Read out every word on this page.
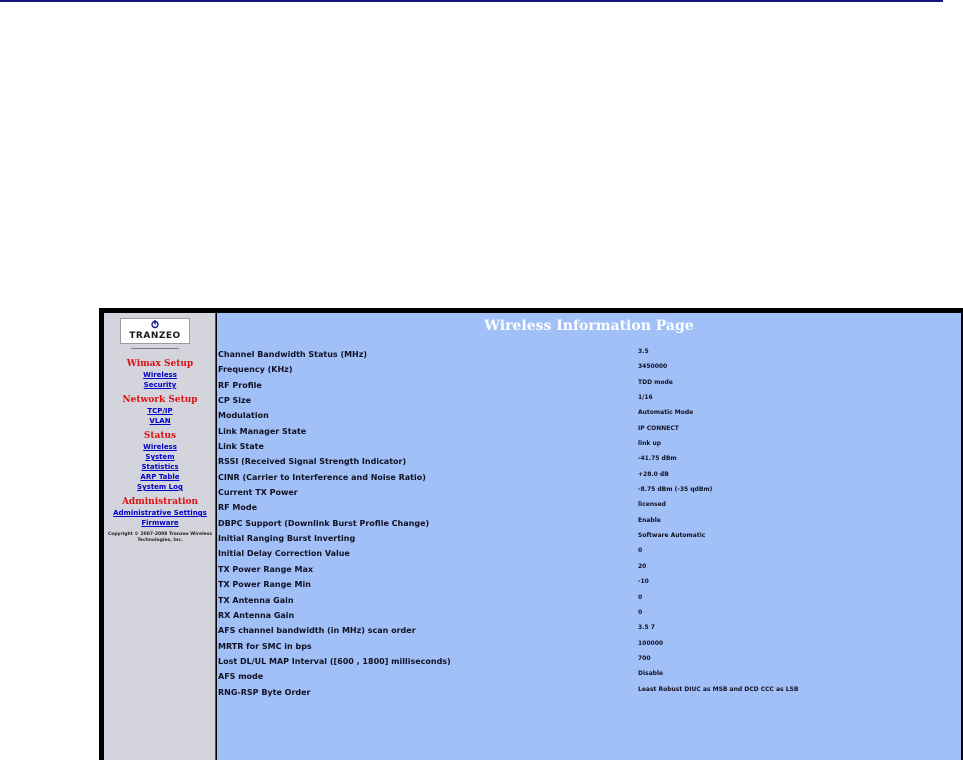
TRANZEO
Wimax Setup
Wireless
Security
Network Setup
TCP/IP
VLAN
Status
Wireless
System
Statistics
ARP Table
System Log
Administration
Administrative Settings
Firmware
Copyright © 2007-2008 Tranzeo Wireless Technologies, Inc.
Wireless Information Page
Channel Bandwidth Status (MHz)	3.5
Frequency (KHz)	3450000
RF Profile	TDD mode
CP Size	1/16
Modulation	Automatic Mode
Link Manager State	IP CONNECT
Link State	link up
RSSI (Received Signal Strength Indicator)	-41.75 dBm
CINR (Carrier to Interference and Noise Ratio)	+28.0 dB
Current TX Power	-8.75 dBm (-35 qdBm)
RF Mode	licensed
DBPC Support (Downlink Burst Profile Change)	Enable
Initial Ranging Burst Inverting	Software Automatic
Initial Delay Correction Value	0
TX Power Range Max	20
TX Power Range Min	-10
TX Antenna Gain	0
RX Antenna Gain	0
AFS channel bandwidth (in MHz) scan order	3.5 7
MRTR for SMC in bps	100000
Lost DL/UL MAP Interval ([600 , 1800] milliseconds)	700
AFS mode	Disable
RNG-RSP Byte Order	Least Robust DIUC as MSB and DCD CCC as LSB
